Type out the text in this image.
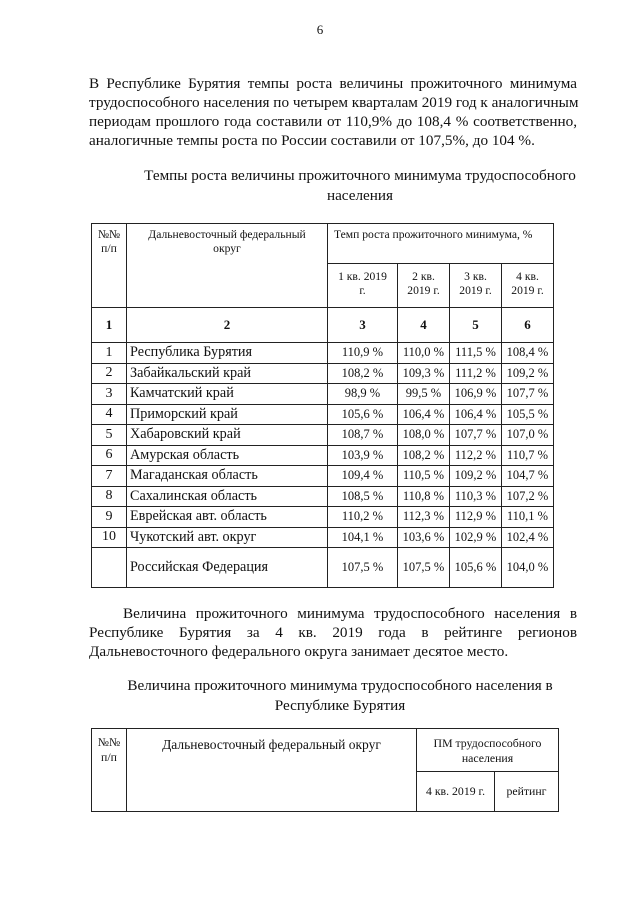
6
В Республике Бурятия темпы роста величины прожиточного минимума
трудоспособного населения по четырем кварталам 2019 год к аналогичным
периодам прошлого года составили от 110,9% до 108,4 % соответственно,
аналогичные темпы роста по России составили от 107,5%, до 104 %.
Темпы роста величины прожиточного минимума трудоспособного
населения
№№ п/п	Дальневосточный федеральный округ	Темп роста прожиточного минимума, %			
		1 кв. 2019 г.	2 кв. 2019 г.	3 кв. 2019 г.	4 кв. 2019 г.
1	2	3	4	5	6
1	Республика Бурятия	110,9 %	110,0 %	111,5 %	108,4 %
2	Забайкальский край	108,2 %	109,3 %	111,2 %	109,2 %
3	Камчатский край	98,9 %	99,5 %	106,9 %	107,7 %
4	Приморский край	105,6 %	106,4 %	106,4 %	105,5 %
5	Хабаровский край	108,7 %	108,0 %	107,7 %	107,0 %
6	Амурская область	103,9 %	108,2 %	112,2 %	110,7 %
7	Магаданская область	109,4 %	110,5 %	109,2 %	104,7 %
8	Сахалинская область	108,5 %	110,8 %	110,3 %	107,2 %
9	Еврейская авт. область	110,2 %	112,3 %	112,9 %	110,1 %
10	Чукотский авт. округ	104,1 %	103,6 %	102,9 %	102,4 %
	Российская Федерация	107,5 %	107,5 %	105,6 %	104,0 %
Величина прожиточного минимума трудоспособного населения в
Республике Бурятия за 4 кв. 2019 года в рейтинге регионов
Дальневосточного федерального округа занимает десятое место.
Величина прожиточного минимума трудоспособного населения в
Республике Бурятия
№№ п/п	Дальневосточный федеральный округ	ПМ трудоспособного населения	
		4 кв. 2019 г.	рейтинг
